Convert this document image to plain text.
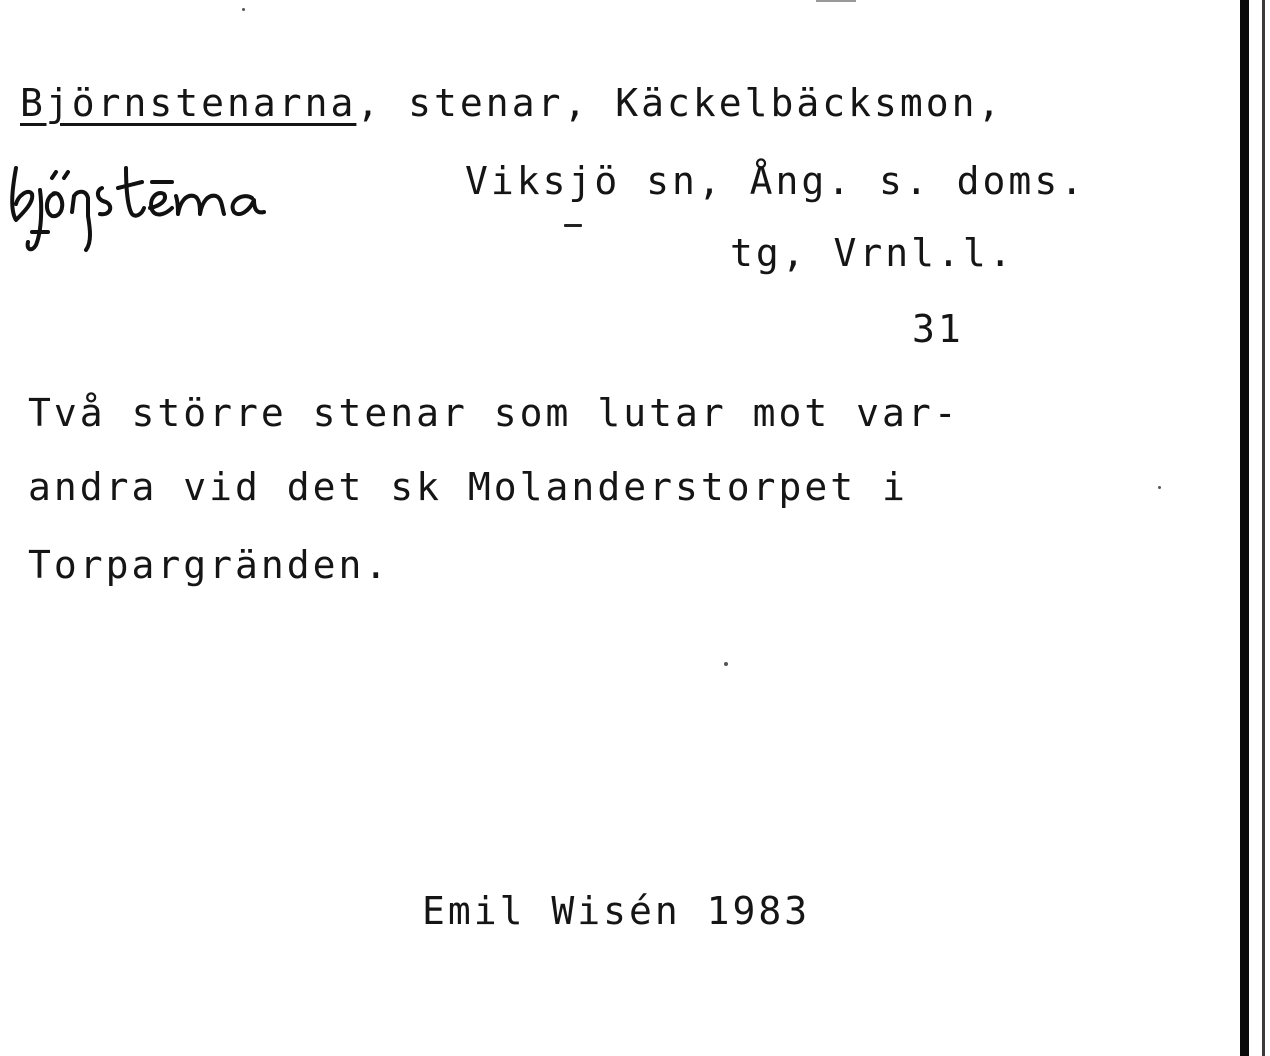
Björnstenarna, stenar, Käckelbäcksmon,
Viksjö sn, Ång. s. doms.
tg, Vrnl.l.
31
Två större stenar som lutar mot var-
andra vid det sk Molanderstorpet i
Torpargränden.
Emil Wisén 1983
